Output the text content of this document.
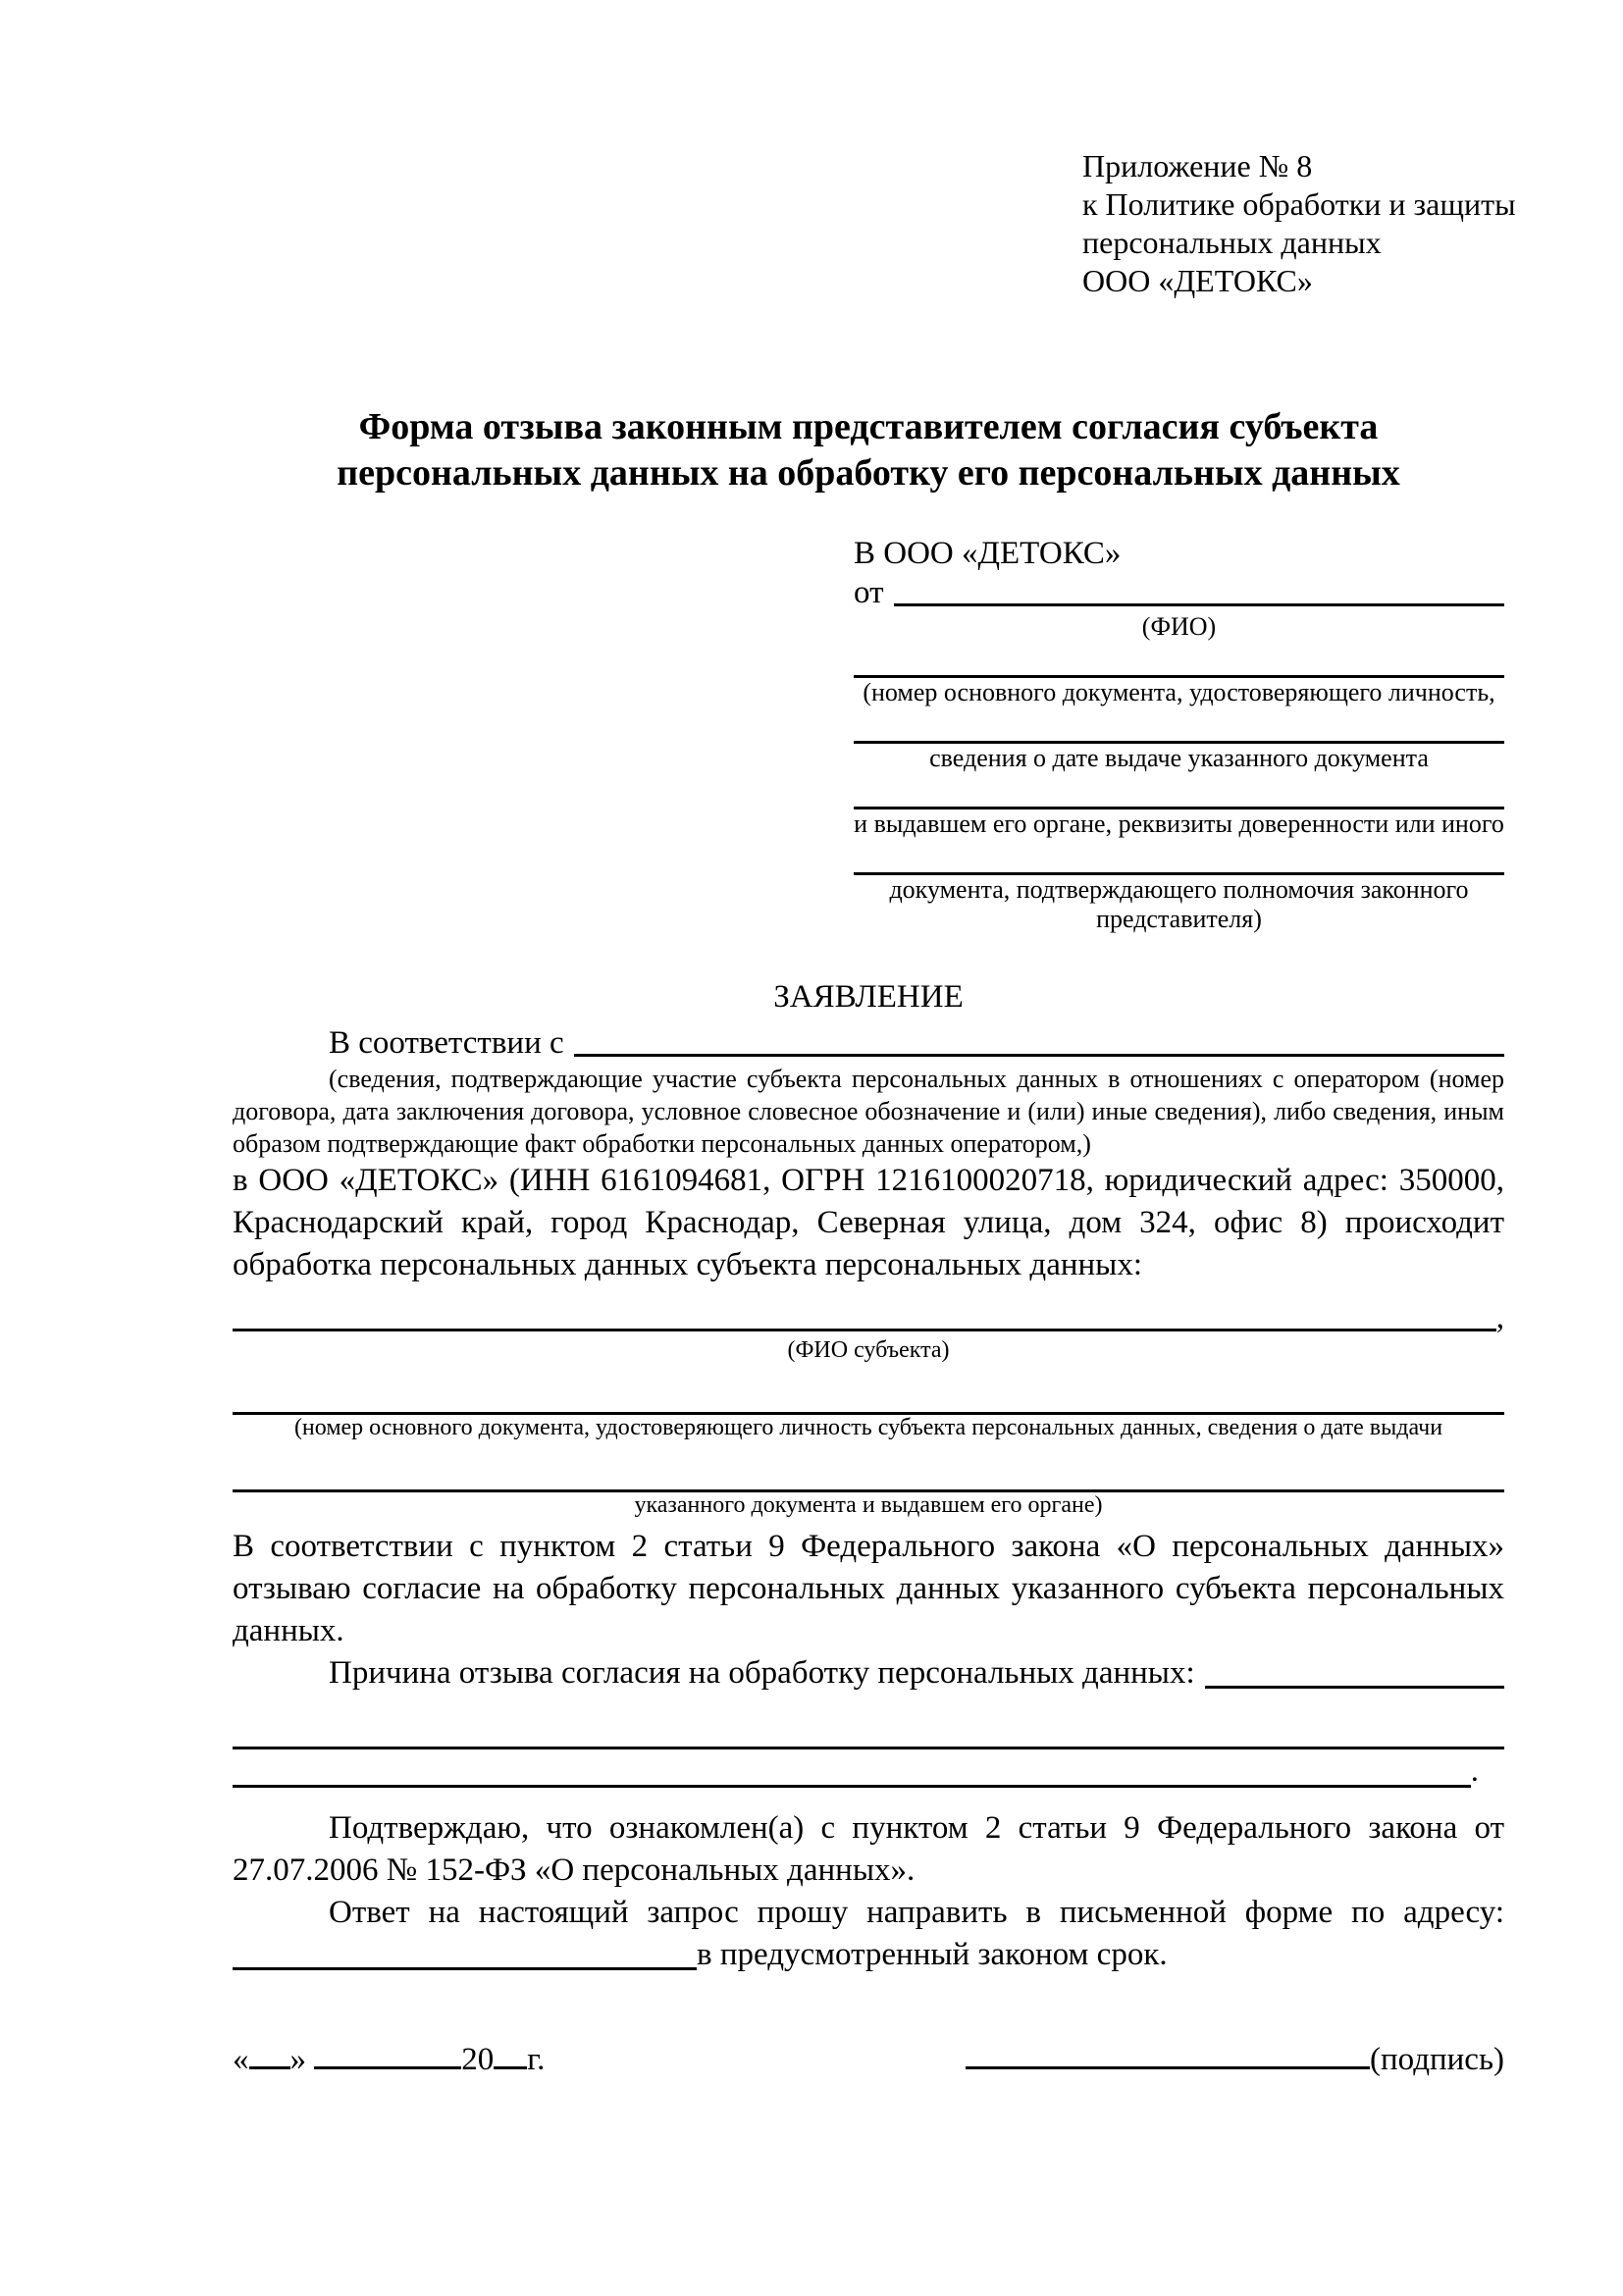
Приложение № 8
к Политике обработки и защиты
персональных данных
ООО «ДЕТОКС»
Форма отзыва законным представителем согласия субъекта персональных данных на обработку его персональных данных
В ООО «ДЕТОКС»
от
(ФИО)
(номер основного документа, удостоверяющего личность,
сведения о дате выдаче указанного документа
и выдавшем его органе, реквизиты доверенности или иного
документа, подтверждающего полномочия законного представителя)
ЗАЯВЛЕНИЕ
В соответствии с
(сведения, подтверждающие участие субъекта персональных данных в отношениях с оператором (номер договора, дата заключения договора, условное словесное обозначение и (или) иные сведения), либо сведения, иным образом подтверждающие факт обработки персональных данных оператором,)
в ООО «ДЕТОКС» (ИНН 6161094681, ОГРН 1216100020718, юридический адрес: 350000, Краснодарский край, город Краснодар, Северная улица, дом 324, офис 8) происходит обработка персональных данных субъекта персональных данных:
,
(ФИО субъекта)
(номер основного документа, удостоверяющего личность субъекта персональных данных, сведения о дате выдачи
указанного документа и выдавшем его органе)
В соответствии с пунктом 2 статьи 9 Федерального закона «О персональных данных» отзываю согласие на обработку персональных данных указанного субъекта персональных данных.
Причина отзыва согласия на обработку персональных данных:
.
Подтверждаю, что ознакомлен(а) с пунктом 2 статьи 9 Федерального закона от 27.07.2006 № 152-ФЗ «О персональных данных».
Ответ на настоящий запрос прошу направить в письменной форме по адресу:
в предусмотренный законом срок.
« »	20 г.	(подпись)
